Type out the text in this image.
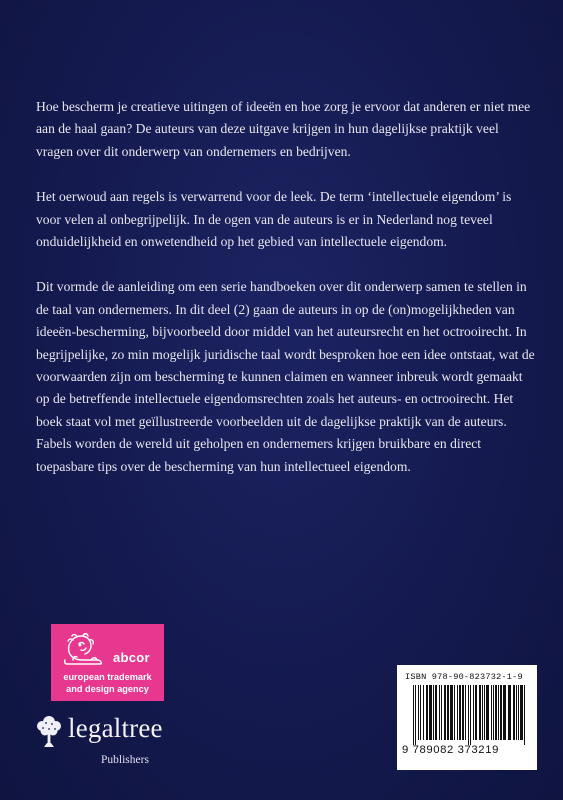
Hoe bescherm je creatieve uitingen of ideeën en hoe zorg je ervoor dat anderen er niet mee aan de haal gaan? De auteurs van deze uitgave krijgen in hun dagelijkse praktijk veel vragen over dit onderwerp van ondernemers en bedrijven.

Het oerwoud aan regels is verwarrend voor de leek. De term ‘intellectuele eigendom’ is voor velen al onbegrijpelijk. In de ogen van de auteurs is er in Nederland nog teveel onduidelijkheid en onwetendheid op het gebied van intellectuele eigendom.

Dit vormde de aanleiding om een serie handboeken over dit onderwerp samen te stellen in de taal van ondernemers. In dit deel (2) gaan de auteurs in op de (on)mogelijkheden van ideeën-bescherming, bijvoorbeeld door middel van het auteursrecht en het octrooirecht. In begrijpelijke, zo min mogelijk juridische taal wordt besproken hoe een idee ontstaat, wat de voorwaarden zijn om bescherming te kunnen claimen en wanneer inbreuk wordt gemaakt op de betreffende intellectuele eigendomsrechten zoals het auteurs- en octrooirecht. Het boek staat vol met geïllustreerde voorbeelden uit de dagelijkse praktijk van de auteurs. Fabels worden de wereld uit geholpen en ondernemers krijgen bruikbare en direct toepasbare tips over de bescherming van hun intellectueel eigendom.

abcor
european trademark
and design agency
legaltree
Publishers
ISBN 978-90-823732-1-9
9 789082 373219
